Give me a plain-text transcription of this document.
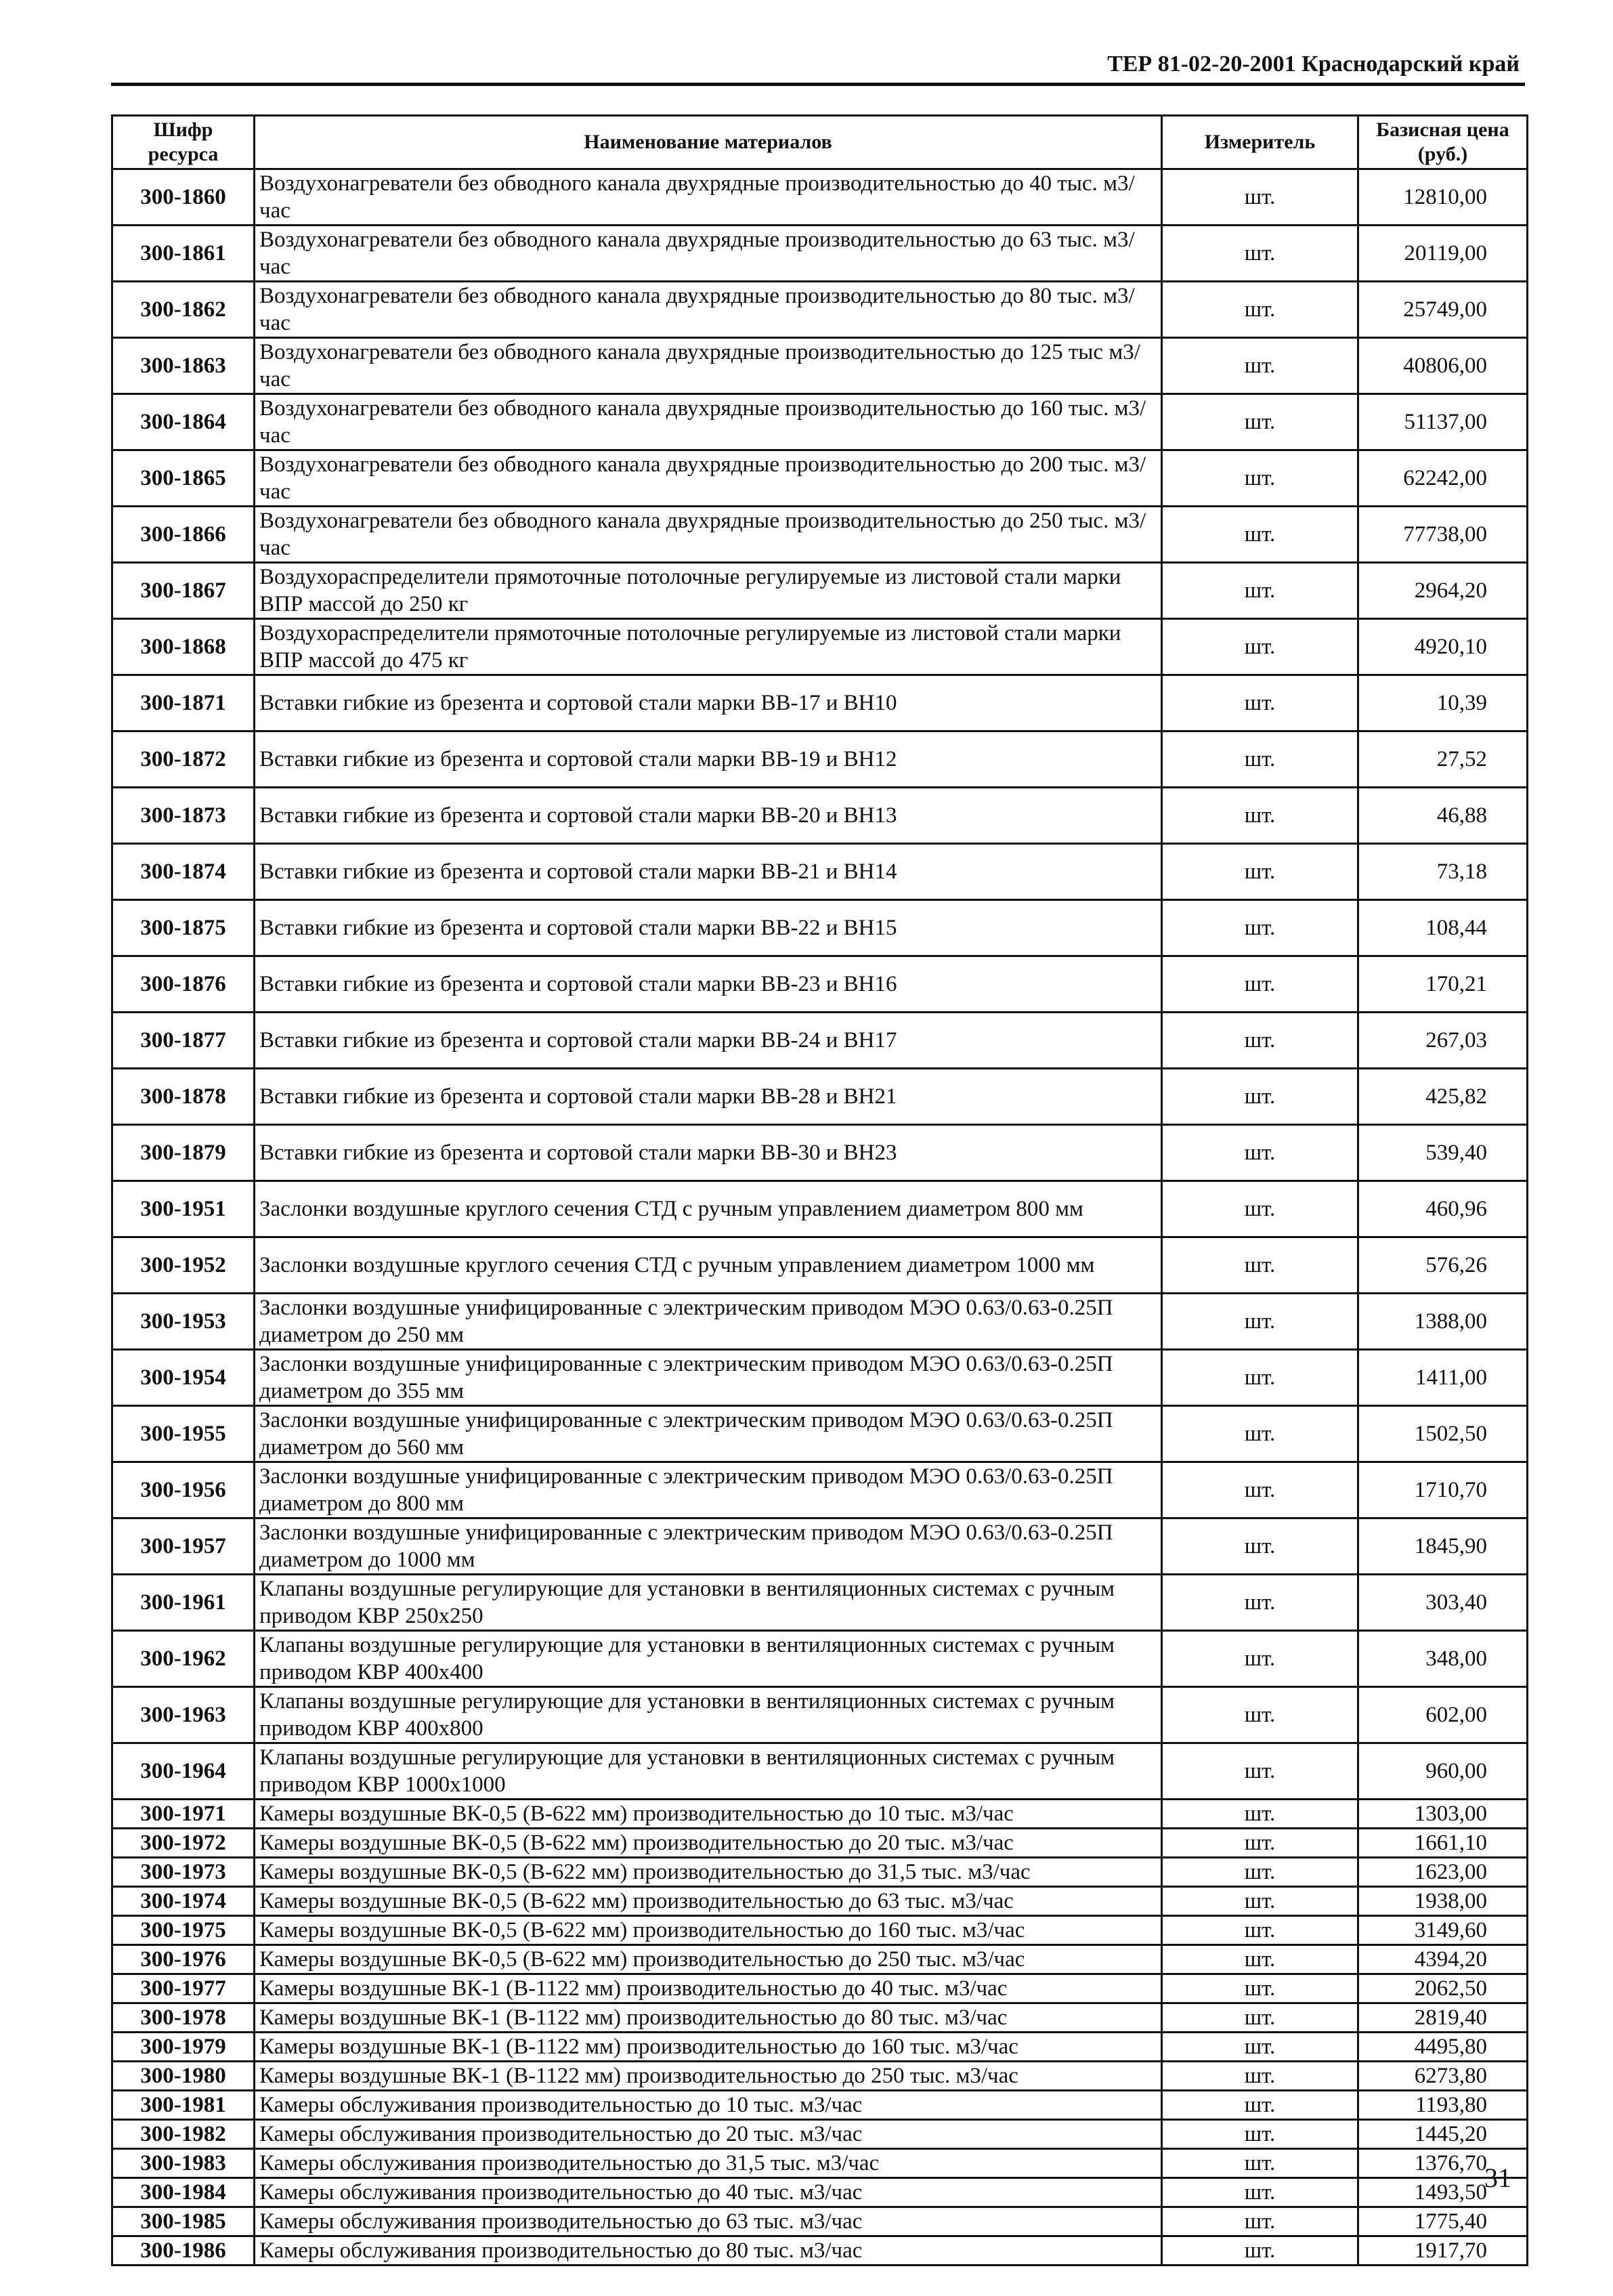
ТЕР 81-02-20-2001 Краснодарский край
Шифр ресурса	Наименование материалов	Измеритель	Базисная цена (руб.)
300-1860	Воздухонагреватели без обводного канала двухрядные производительностью до 40 тыс. м3/час	шт.	12810,00
300-1861	Воздухонагреватели без обводного канала двухрядные производительностью до 63 тыс. м3/час	шт.	20119,00
300-1862	Воздухонагреватели без обводного канала двухрядные производительностью до 80 тыс. м3/час	шт.	25749,00
300-1863	Воздухонагреватели без обводного канала двухрядные производительностью до 125 тыс м3/час	шт.	40806,00
300-1864	Воздухонагреватели без обводного канала двухрядные производительностью до 160 тыс. м3/час	шт.	51137,00
300-1865	Воздухонагреватели без обводного канала двухрядные производительностью до 200 тыс. м3/час	шт.	62242,00
300-1866	Воздухонагреватели без обводного канала двухрядные производительностью до 250 тыс. м3/час	шт.	77738,00
300-1867	Воздухораспределители прямоточные потолочные регулируемые из листовой стали марки ВПР массой до 250 кг	шт.	2964,20
300-1868	Воздухораспределители прямоточные потолочные регулируемые из листовой стали марки ВПР массой до 475 кг	шт.	4920,10
300-1871	Вставки гибкие из брезента и сортовой стали марки ВВ-17 и ВН10	шт.	10,39
300-1872	Вставки гибкие из брезента и сортовой стали марки ВВ-19 и ВН12	шт.	27,52
300-1873	Вставки гибкие из брезента и сортовой стали марки ВВ-20 и ВН13	шт.	46,88
300-1874	Вставки гибкие из брезента и сортовой стали марки ВВ-21 и ВН14	шт.	73,18
300-1875	Вставки гибкие из брезента и сортовой стали марки ВВ-22 и ВН15	шт.	108,44
300-1876	Вставки гибкие из брезента и сортовой стали марки ВВ-23 и ВН16	шт.	170,21
300-1877	Вставки гибкие из брезента и сортовой стали марки ВВ-24 и ВН17	шт.	267,03
300-1878	Вставки гибкие из брезента и сортовой стали марки ВВ-28 и ВН21	шт.	425,82
300-1879	Вставки гибкие из брезента и сортовой стали марки ВВ-30 и ВН23	шт.	539,40
300-1951	Заслонки воздушные круглого сечения СТД с ручным управлением диаметром 800 мм	шт.	460,96
300-1952	Заслонки воздушные круглого сечения СТД с ручным управлением диаметром 1000 мм	шт.	576,26
300-1953	Заслонки воздушные унифицированные с электрическим приводом МЭО 0.63/0.63-0.25П диаметром до 250 мм	шт.	1388,00
300-1954	Заслонки воздушные унифицированные с электрическим приводом МЭО 0.63/0.63-0.25П диаметром до 355 мм	шт.	1411,00
300-1955	Заслонки воздушные унифицированные с электрическим приводом МЭО 0.63/0.63-0.25П диаметром до 560 мм	шт.	1502,50
300-1956	Заслонки воздушные унифицированные с электрическим приводом МЭО 0.63/0.63-0.25П диаметром до 800 мм	шт.	1710,70
300-1957	Заслонки воздушные унифицированные с электрическим приводом МЭО 0.63/0.63-0.25П диаметром до 1000 мм	шт.	1845,90
300-1961	Клапаны воздушные регулирующие для установки в вентиляционных системах с ручным приводом КВР 250х250	шт.	303,40
300-1962	Клапаны воздушные регулирующие для установки в вентиляционных системах с ручным приводом КВР 400х400	шт.	348,00
300-1963	Клапаны воздушные регулирующие для установки в вентиляционных системах с ручным приводом КВР 400х800	шт.	602,00
300-1964	Клапаны воздушные регулирующие для установки в вентиляционных системах с ручным приводом КВР 1000х1000	шт.	960,00
300-1971	Камеры воздушные ВК-0,5 (В-622 мм) производительностью до 10 тыс. м3/час	шт.	1303,00
300-1972	Камеры воздушные ВК-0,5 (В-622 мм) производительностью до 20 тыс. м3/час	шт.	1661,10
300-1973	Камеры воздушные ВК-0,5 (В-622 мм) производительностью до 31,5 тыс. м3/час	шт.	1623,00
300-1974	Камеры воздушные ВК-0,5 (В-622 мм) производительностью до 63 тыс. м3/час	шт.	1938,00
300-1975	Камеры воздушные ВК-0,5 (В-622 мм) производительностью до 160 тыс. м3/час	шт.	3149,60
300-1976	Камеры воздушные ВК-0,5 (В-622 мм) производительностью до 250 тыс. м3/час	шт.	4394,20
300-1977	Камеры воздушные ВК-1 (В-1122 мм) производительностью до 40 тыс. м3/час	шт.	2062,50
300-1978	Камеры воздушные ВК-1 (В-1122 мм) производительностью до 80 тыс. м3/час	шт.	2819,40
300-1979	Камеры воздушные ВК-1 (В-1122 мм) производительностью до 160 тыс. м3/час	шт.	4495,80
300-1980	Камеры воздушные ВК-1 (В-1122 мм) производительностью до 250 тыс. м3/час	шт.	6273,80
300-1981	Камеры обслуживания производительностью до 10 тыс. м3/час	шт.	1193,80
300-1982	Камеры обслуживания производительностью до 20 тыс. м3/час	шт.	1445,20
300-1983	Камеры обслуживания производительностью до 31,5 тыс. м3/час	шт.	1376,70
300-1984	Камеры обслуживания производительностью до 40 тыс. м3/час	шт.	1493,50
300-1985	Камеры обслуживания производительностью до 63 тыс. м3/час	шт.	1775,40
300-1986	Камеры обслуживания производительностью до 80 тыс. м3/час	шт.	1917,70
31
